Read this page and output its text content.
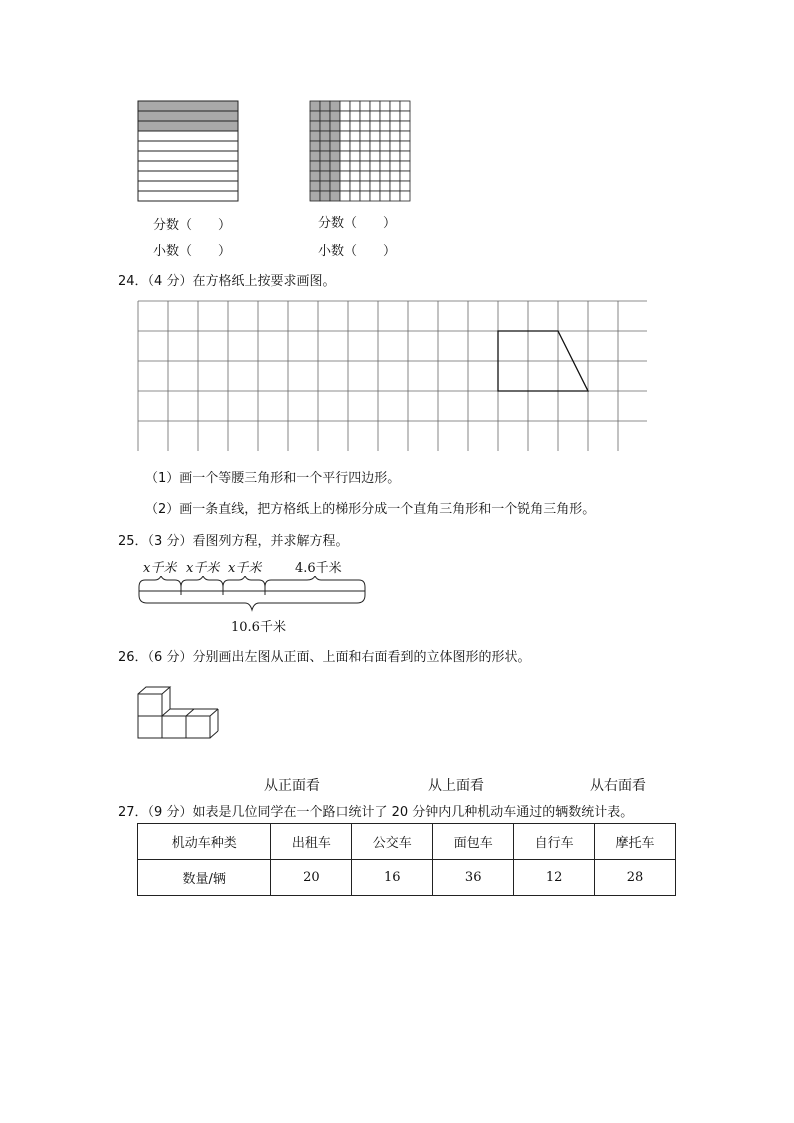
分数（　　）
小数（　　）
分数（　　）
小数（　　）
24．（4 分）在方格纸上按要求画图。
（1）画一个等腰三角形和一个平行四边形。
（2）画一条直线，把方格纸上的梯形分成一个直角三角形和一个锐角三角形。
25．（3 分）看图列方程，并求解方程。
x千米 x千米 x千米	4.6千米
10.6千米
26．（6 分）分别画出左图从正面、上面和右面看到的立体图形的形状。
从正面看	从上面看	从右面看
27．（9 分）如表是几位同学在一个路口统计了 20 分钟内几种机动车通过的辆数统计表。
机动车种类	出租车	公交车	面包车	自行车	摩托车
数量/辆	20	16	36	12	28
